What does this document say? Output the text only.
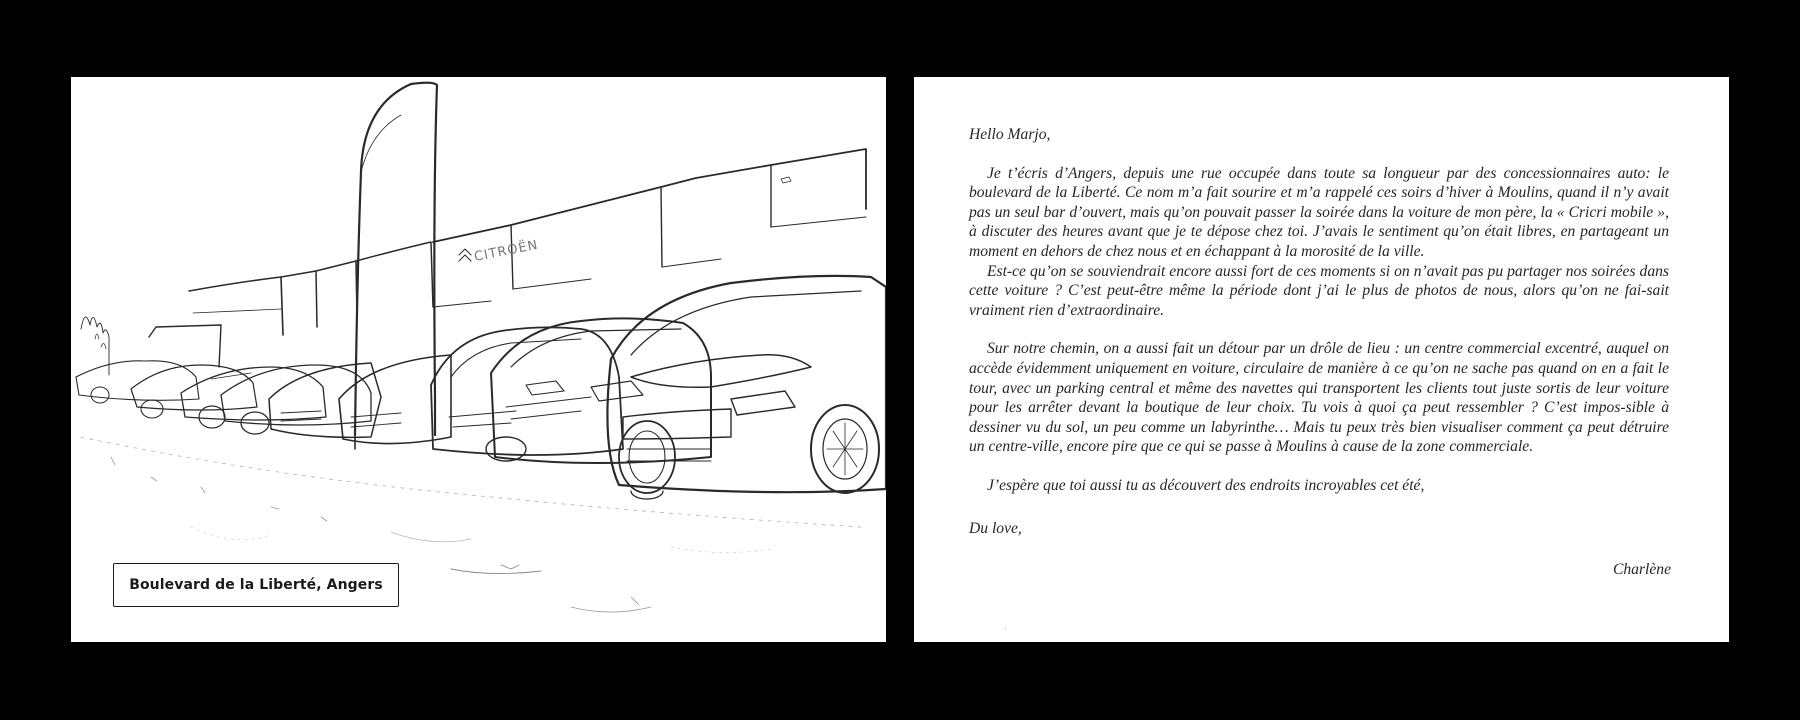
CITROËN
Boulevard de la Liberté, Angers

Hello Marjo,

Je t’écris d’Angers, depuis une rue occupée dans toute sa longueur par des concessionnaires auto: le boulevard de la Liberté. Ce nom m’a fait sourire et m’a rappelé ces soirs d’hiver à Moulins, quand il n’y avait pas un seul bar d’ouvert, mais qu’on pouvait passer la soirée dans la voiture de mon père, la « Cricri mobile », à discuter des heures avant que je te dépose chez toi. J’avais le sentiment qu’on était libres, en partageant un moment en dehors de chez nous et en échappant à la morosité de la ville.

Est-ce qu’on se souviendrait encore aussi fort de ces moments si on n’avait pas pu partager nos soirées dans cette voiture ? C’est peut-être même la période dont j’ai le plus de photos de nous, alors qu’on ne fai-sait vraiment rien d’extraordinaire.

Sur notre chemin, on a aussi fait un détour par un drôle de lieu : un centre commercial excentré, auquel on accède évidemment uniquement en voiture, circulaire de manière à ce qu’on ne sache pas quand on en a fait le tour, avec un parking central et même des navettes qui transportent les clients tout juste sortis de leur voiture pour les arrêter devant la boutique de leur choix. Tu vois à quoi ça peut ressembler ? C’est impos-sible à dessiner vu du sol, un peu comme un labyrinthe… Mais tu peux très bien visualiser comment ça peut détruire un centre-ville, encore pire que ce qui se passe à Moulins à cause de la zone commerciale.

J’espère que toi aussi tu as découvert des endroits incroyables cet été,

Du love,

Charlène
·
